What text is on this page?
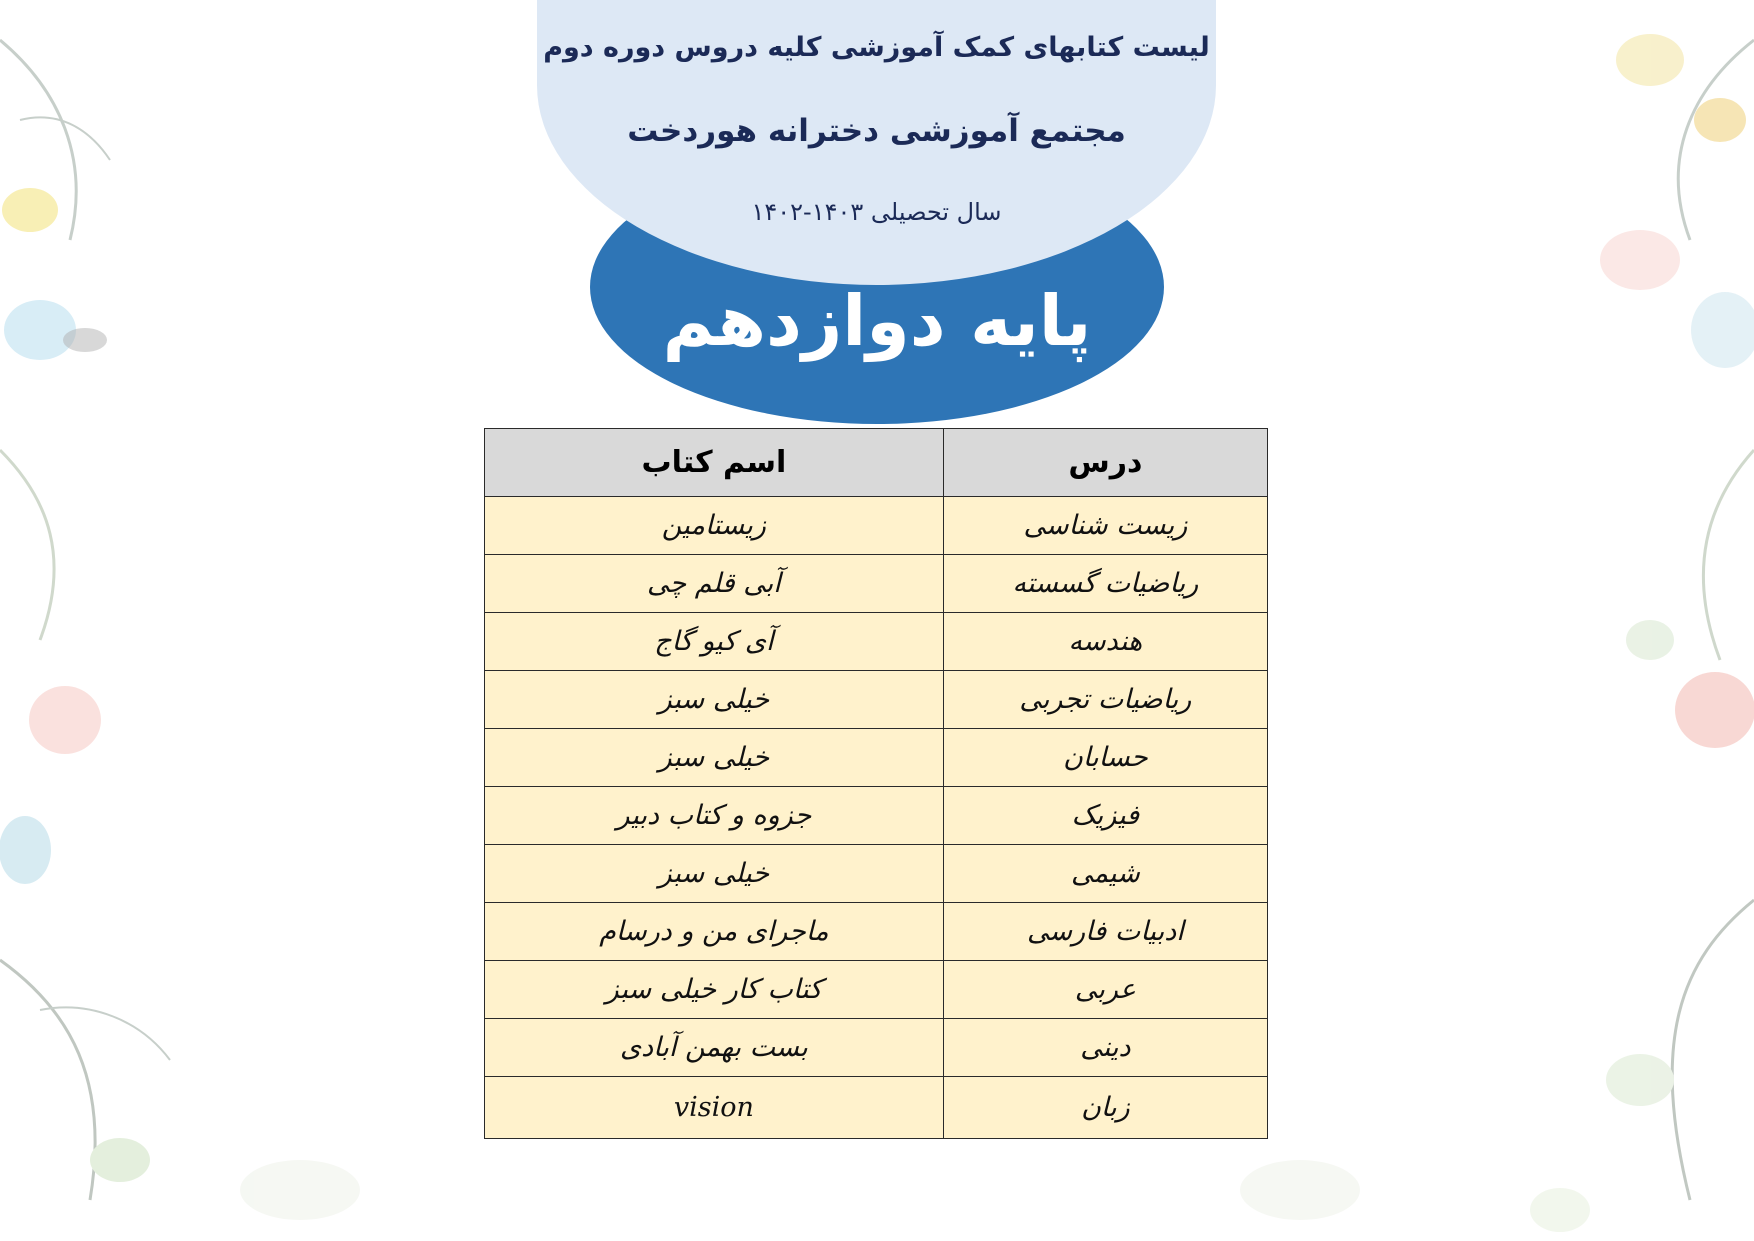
لیست کتابهای کمک آموزشی کلیه دروس دوره دوم
مجتمع آموزشی دخترانه هوردخت
سال تحصیلی ۱۴۰۳-۱۴۰۲
پایه دوازدهم
درس	اسم کتاب
زیست شناسی	زیستامین
ریاضیات گسسته	آبی قلم چی
هندسه	آی کیو گاج
ریاضیات تجربی	خیلی سبز
حسابان	خیلی سبز
فیزیک	جزوه و کتاب دبیر
شیمی	خیلی سبز
ادبیات فارسی	ماجرای من و درسام
عربی	کتاب کار خیلی سبز
دینی	بست بهمن آبادی
زبان	vision
